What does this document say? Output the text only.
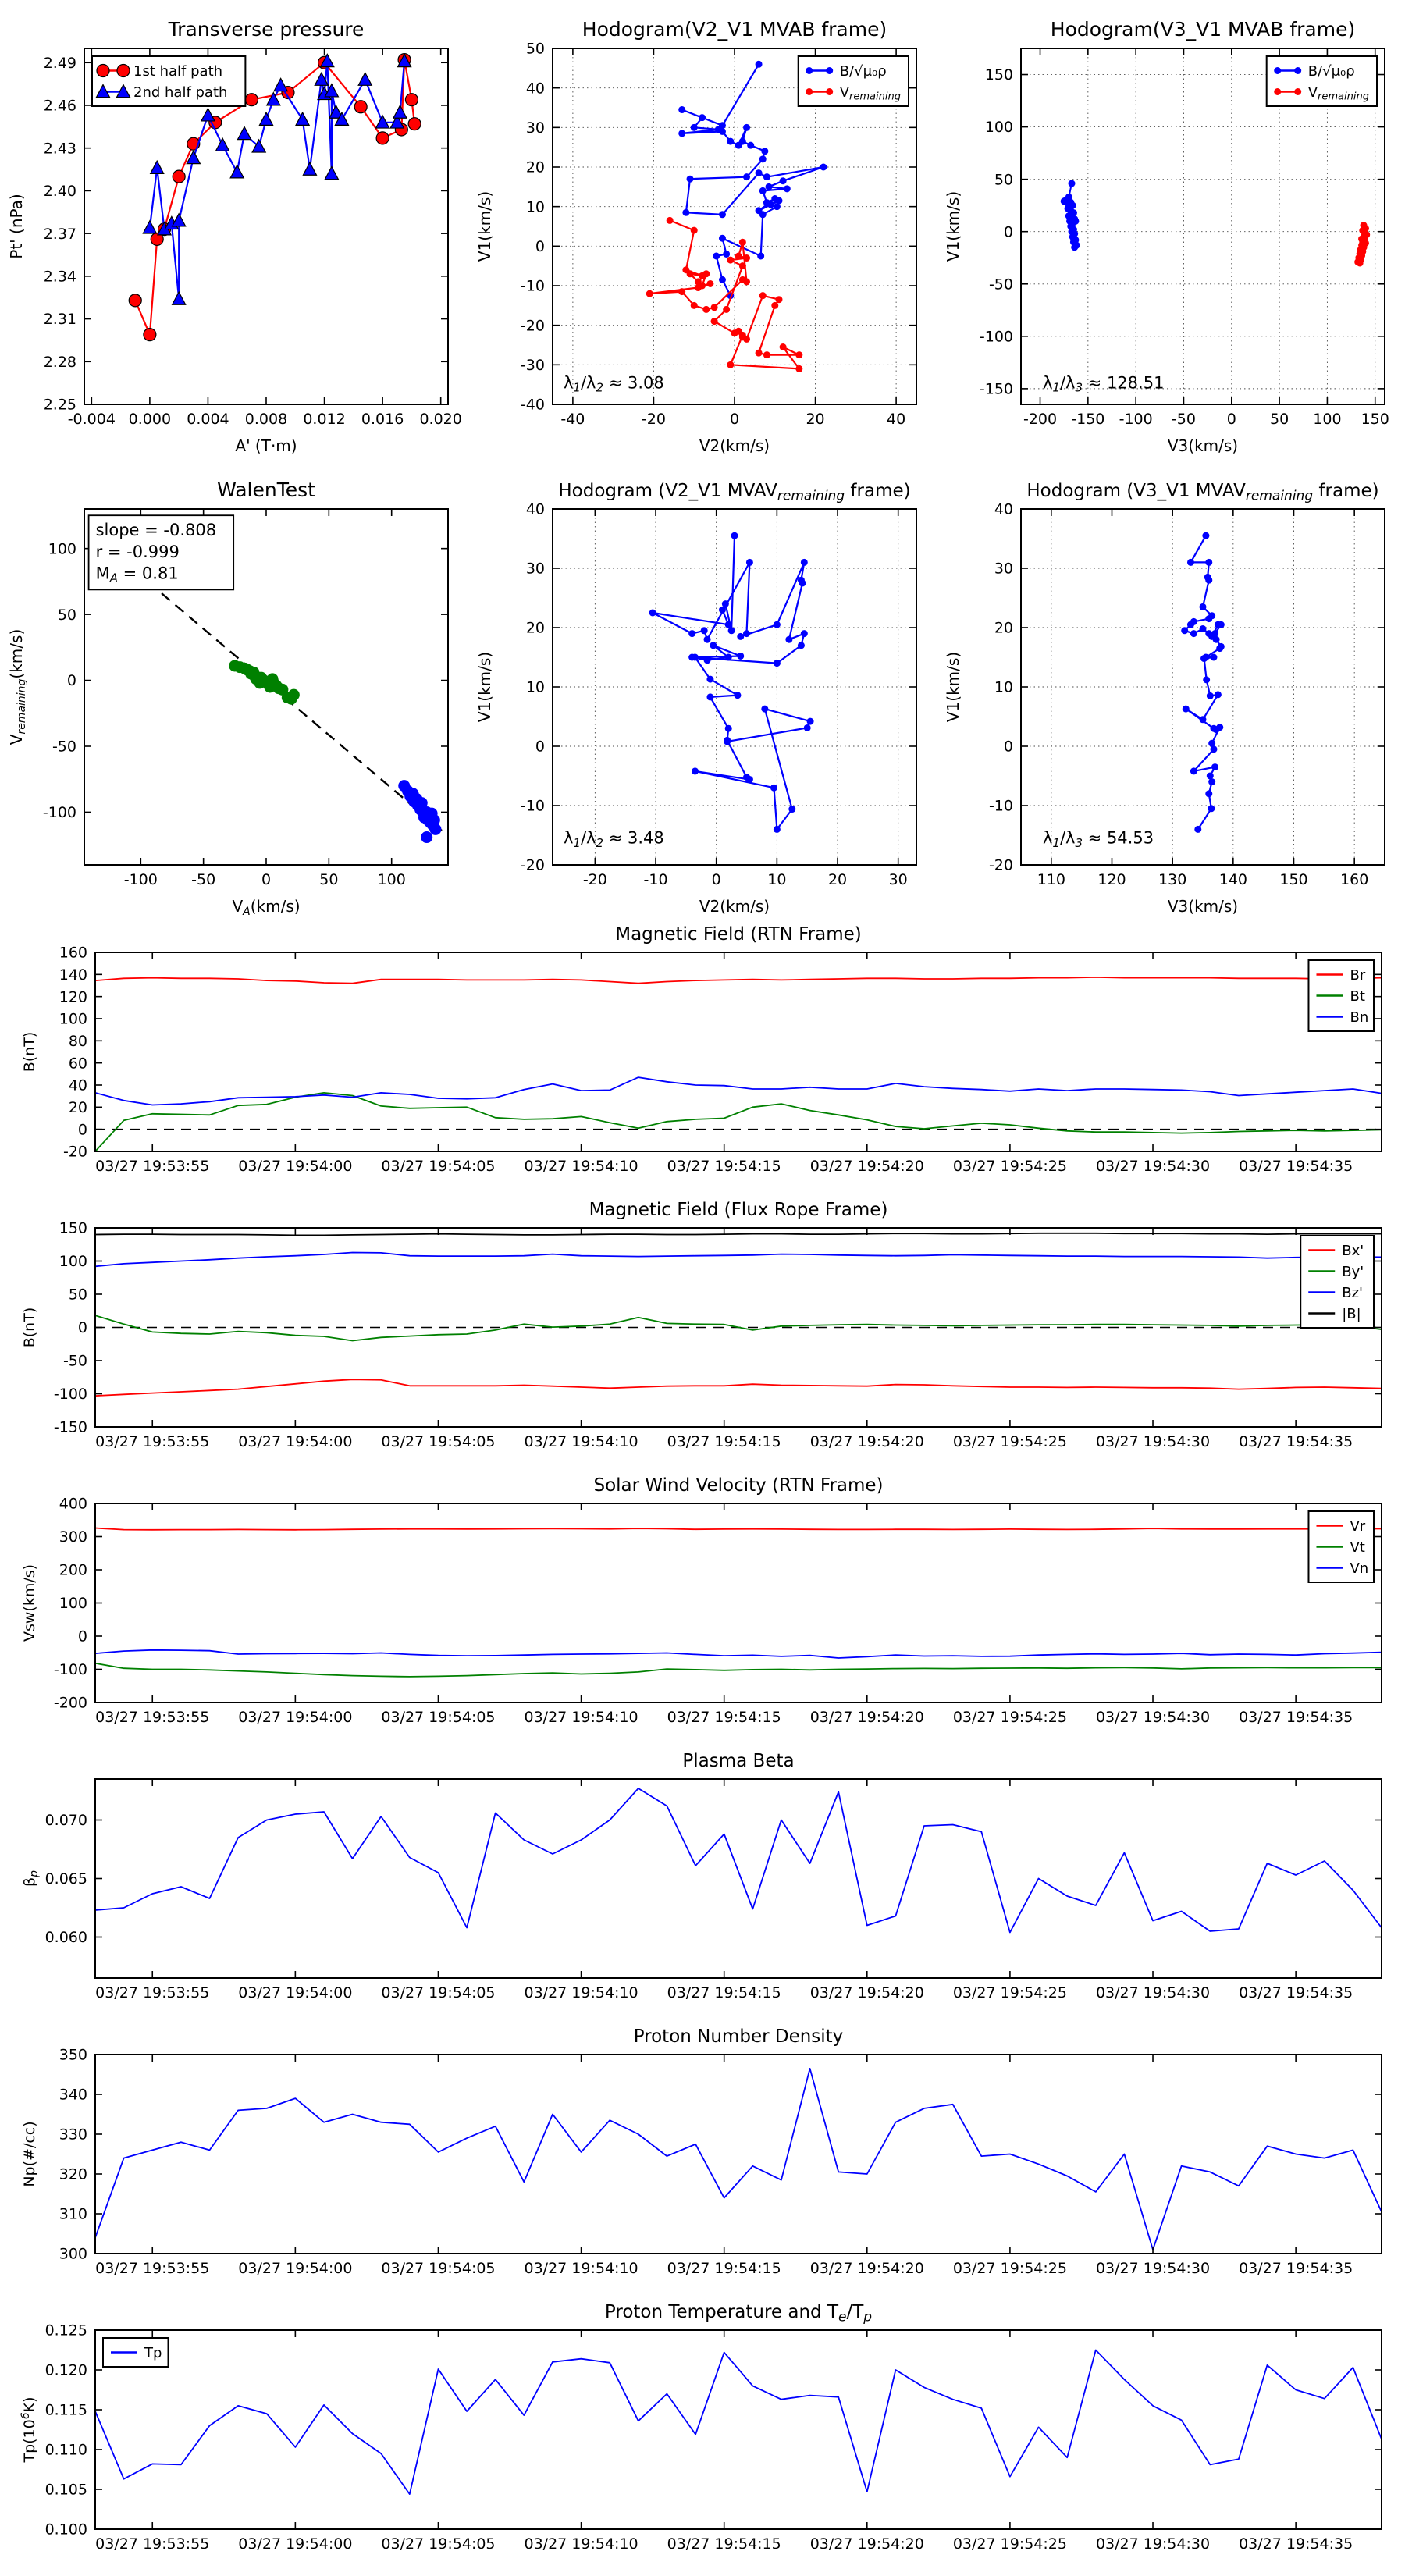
-0.004 0.000 0.004 0.008 0.012 0.016 0.020
2.25
2.28
2.31
2.34
2.37
2.40
2.43
2.46
2.49
Transverse pressure
A' (T·m)
Pt' (nPa)
1st half path
2nd half path
-40	-20	0	20	40
-40
-30
-20
-10
0
10
20
30
40
50
Hodogram(V2_V1 MVAB frame)
V2(km/s)
V1(km/s)
B/√μ₀ρ
$V_{remaining}$
$\lambda_1/\lambda_2 \approx 3.08$
-200 -150 -100 -50 0 50 100 150
-150
-100
-50
0
50
100
150
Hodogram(V3_V1 MVAB frame)
V3(km/s)
V1(km/s)
B/√μ₀ρ
$V_{remaining}$
$\lambda_1/\lambda_3 \approx 128.51$
-100 -50	0	50	100
-100
-50
0
50
100
WalenTest
$V_A(km/s)$
$V_{remaining}(km/s)$
slope = -0.808
r = -0.999
$M_A = 0.81$
-20 -10	0	10	20	30
-20
-10
0
10
20
30
40
Hodogram (V2_V1 $MVAV_{remaining}$ frame)
V2(km/s)
V1(km/s)
$\lambda_1/\lambda_2 \approx 3.48$
110 120 130 140 150 160
-20
-10
0
10
20
30
40
Hodogram (V3_V1 $MVAV_{remaining}$ frame)
V3(km/s)
V1(km/s)
$\lambda_1/\lambda_3 \approx 54.53$
03/27 19:53:55 03/27 19:54:00 03/27 19:54:05 03/27 19:54:10 03/27 19:54:15 03/27 19:54:20 03/27 19:54:25 03/27 19:54:30 03/27 19:54:35
-20
0
20
40
60
80
100
120
140
160
Magnetic Field (RTN Frame)
B(nT)
Br
Bt
Bn
03/27 19:53:55 03/27 19:54:00 03/27 19:54:05 03/27 19:54:10 03/27 19:54:15 03/27 19:54:20 03/27 19:54:25 03/27 19:54:30 03/27 19:54:35
-150
-100
-50
0
50
100
150
Magnetic Field (Flux Rope Frame)
B(nT)
Bx'
By'
Bz'
|B|
03/27 19:53:55 03/27 19:54:00 03/27 19:54:05 03/27 19:54:10 03/27 19:54:15 03/27 19:54:20 03/27 19:54:25 03/27 19:54:30 03/27 19:54:35
-200
-100
0
100
200
300
400
Solar Wind Velocity (RTN Frame)
Vsw(km/s)
Vr
Vt
Vn
03/27 19:53:55 03/27 19:54:00 03/27 19:54:05 03/27 19:54:10 03/27 19:54:15 03/27 19:54:20 03/27 19:54:25 03/27 19:54:30 03/27 19:54:35
0.060
0.065
0.070
Plasma Beta
$\beta_p$
03/27 19:53:55 03/27 19:54:00 03/27 19:54:05 03/27 19:54:10 03/27 19:54:15 03/27 19:54:20 03/27 19:54:25 03/27 19:54:30 03/27 19:54:35
300
310
320
330
340
350
Proton Number Density
Np(#/cc)
03/27 19:53:55 03/27 19:54:00 03/27 19:54:05 03/27 19:54:10 03/27 19:54:15 03/27 19:54:20 03/27 19:54:25 03/27 19:54:30 03/27 19:54:35
0.100
0.105
0.110
0.115
0.120
0.125
Proton Temperature and $T_e/T_p$
$Tp(10^6K)$
Tp
